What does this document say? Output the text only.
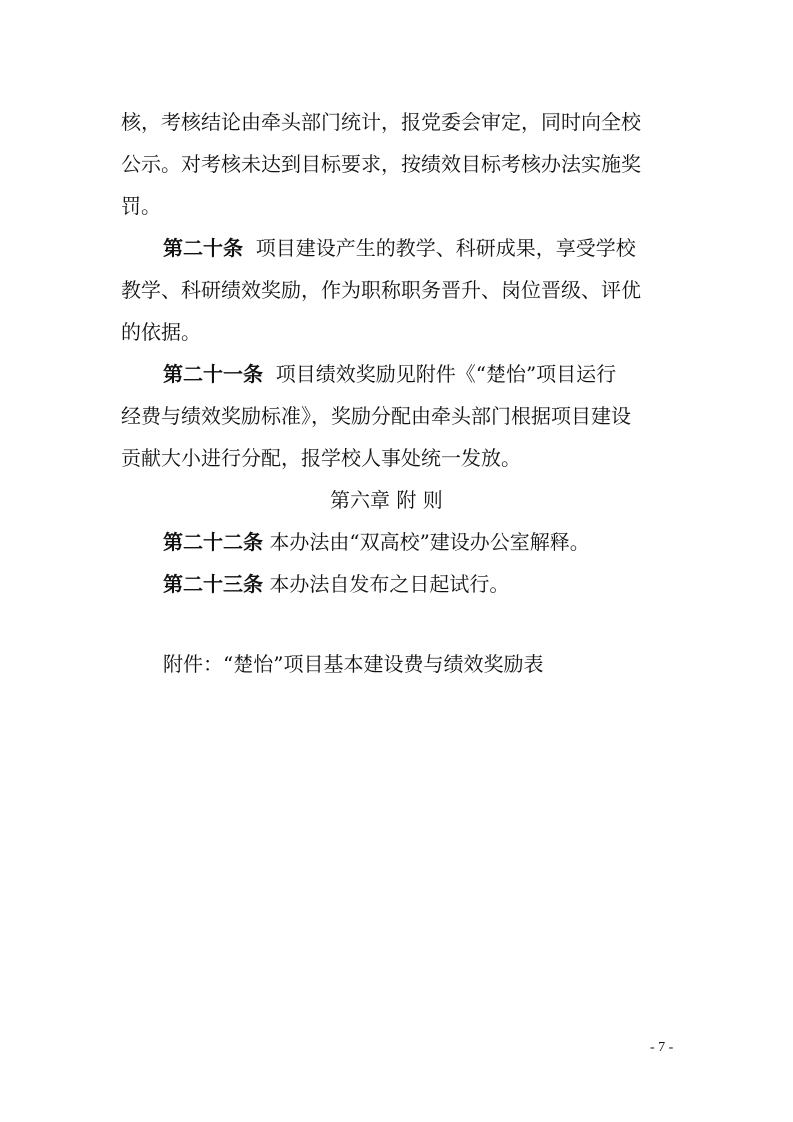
核，考核结论由牵头部门统计，报党委会审定，同时向全校
公示。对考核未达到目标要求，按绩效目标考核办法实施奖
罚。
第二十条 项目建设产生的教学、科研成果，享受学校
教学、科研绩效奖励，作为职称职务晋升、岗位晋级、评优
的依据。
第二十一条 项目绩效奖励见附件《“楚怡”项目运行
经费与绩效奖励标准》，奖励分配由牵头部门根据项目建设
贡献大小进行分配，报学校人事处统一发放。
第六章 附 则
第二十二条 本办法由“双高校”建设办公室解释。
第二十三条 本办法自发布之日起试行。
附件：“楚怡”项目基本建设费与绩效奖励表
- 7 -
